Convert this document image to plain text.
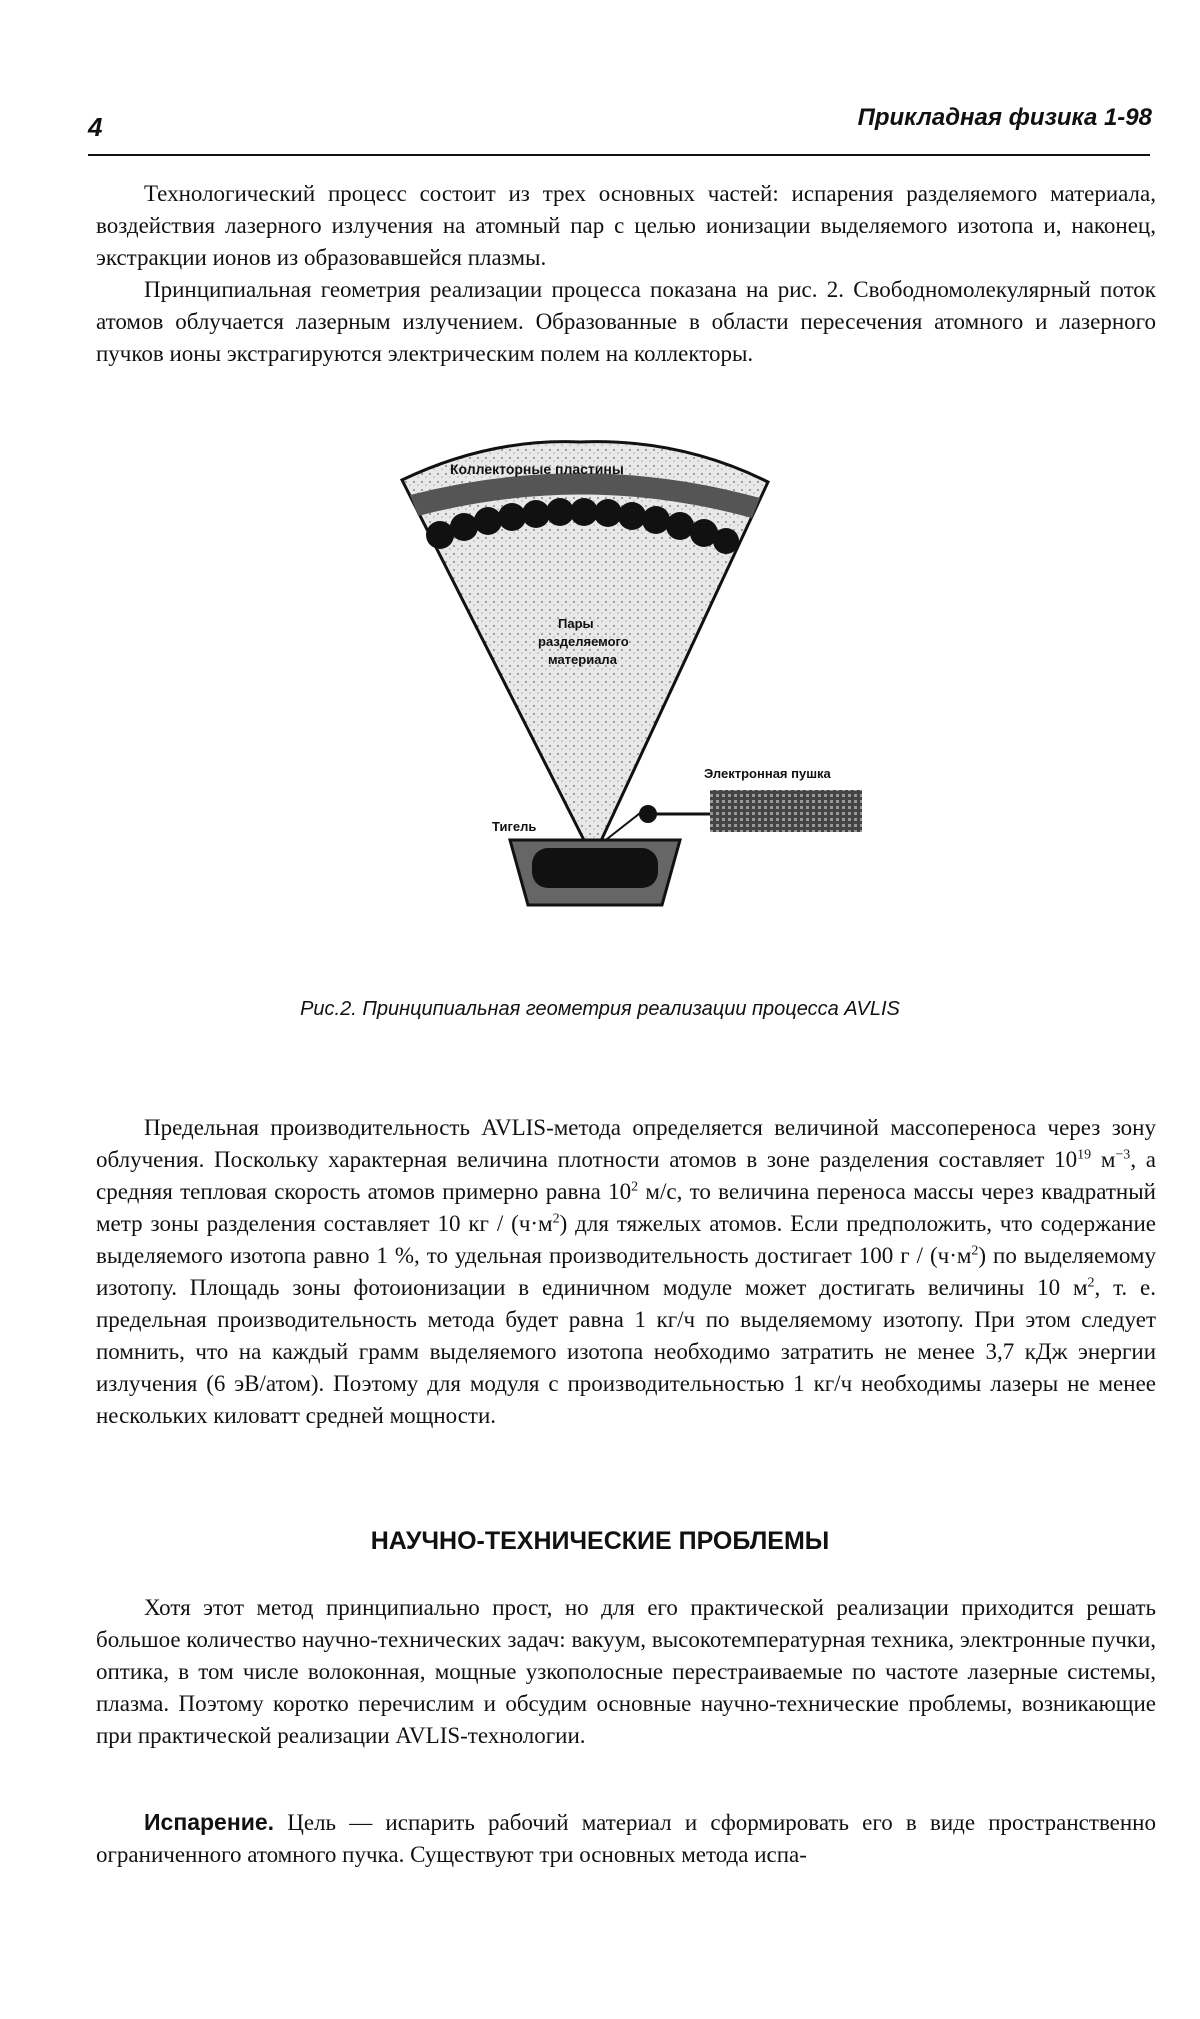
4	Прикладная физика 1-98

Технологический процесс состоит из трех основных частей: испарения разделяемого материала, воздействия лазерного излучения на атомный пар с целью ионизации выделяемого изотопа и, наконец, экстракции ионов из образовавшейся плазмы.

Принципиальная геометрия реализации процесса показана на рис. 2. Свободномолекулярный поток атомов облучается лазерным излучением. Образованные в области пересечения атомного и лазерного пучков ионы экстрагируются электрическим полем на коллекторы.

Коллекторные пластины
Пары
разделяемого
материала
Электронная пушка
Тигель
Рис.2. Принципиальная геометрия реализации процесса AVLIS

Предельная производительность AVLIS-метода определяется величиной массопереноса через зону облучения. Поскольку характерная величина плотности атомов в зоне разделения составляет $10^{19}$ $м^{-3}$, а средняя тепловая скорость атомов примерно равна $10^2$ м/с, то величина переноса массы через квадратный метр зоны разделения составляет 10 кг / $(ч\cdot м^2)$ для тяжелых атомов. Если предположить, что содержание выделяемого изотопа равно 1 %, то удельная производительность достигает 100 $г / (ч\cdot м^2)$ по выделяемому изотопу. Площадь зоны фотоионизации в единичном модуле может достигать величины 10 $м^2$, т. е. предельная производительность метода будет равна 1 кг/ч по выделяемому изотопу. При этом следует помнить, что на каждый грамм выделяемого изотопа необходимо затратить не менее 3,7 кДж энергии излучения (6 эВ/атом). Поэтому для модуля с производительностью 1 кг/ч необходимы лазеры не менее нескольких киловатт средней мощности.

НАУЧНО-ТЕХНИЧЕСКИЕ ПРОБЛЕМЫ

Хотя этот метод принципиально прост, но для его практической реализации приходится решать большое количество научно-технических задач: вакуум, высокотемпературная техника, электронные пучки, оптика, в том числе волоконная, мощные узкополосные перестраиваемые по частоте лазерные системы, плазма. Поэтому коротко перечислим и обсудим основные научно-технические проблемы, возникающие при практической реализации AVLIS-технологии.

Испарение. Цель — испарить рабочий материал и сформировать его в виде пространственно ограниченного атомного пучка. Существуют три основных метода испа-
